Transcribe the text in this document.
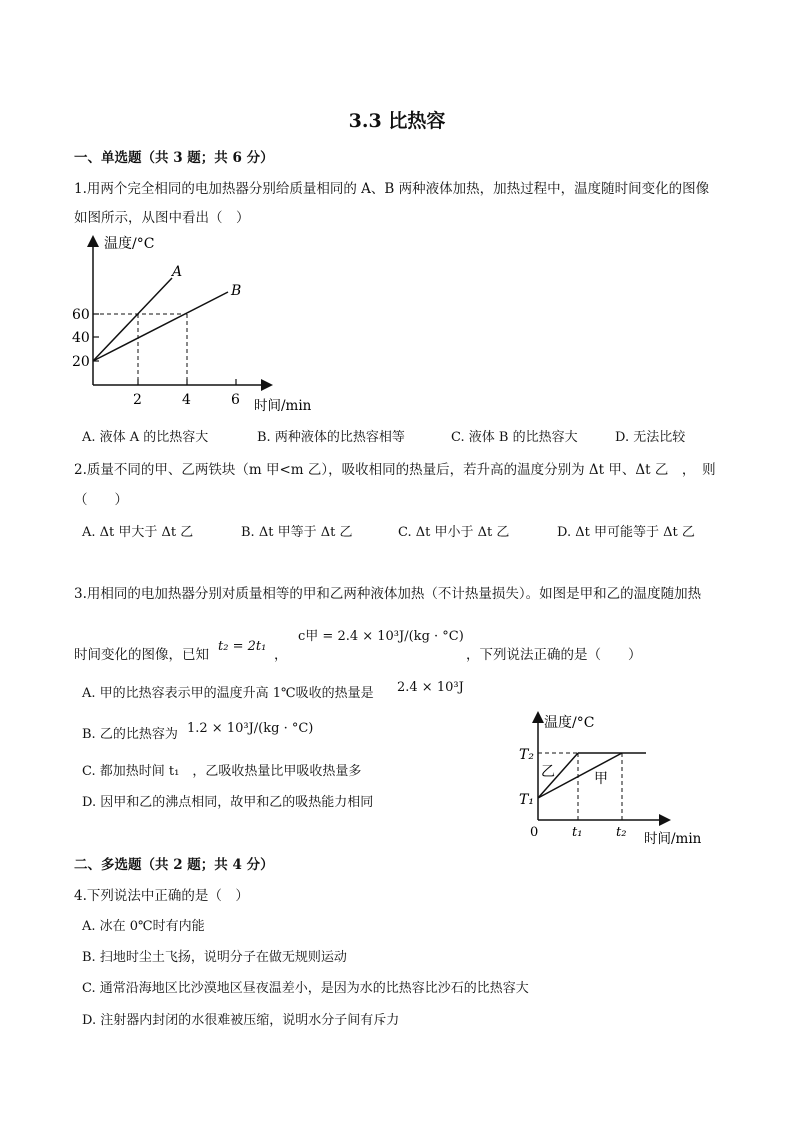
3.3 比热容
一、单选题（共 3 题；共 6 分）
1.用两个完全相同的电加热器分别给质量相同的 A、B 两种液体加热，加热过程中，温度随时间变化的图像
如图所示，从图中看出（　）
温度/°C
时间/min
A
B
20
40
60
2	4	6
A. 液体 A 的比热容大	B. 两种液体的比热容相等	C. 液体 B 的比热容大	D. 无法比较
2.质量不同的甲、乙两铁块（m 甲<m 乙），吸收相同的热量后，若升高的温度分别为 Δt 甲、Δt 乙　，　则
（　　）
A. Δt 甲大于 Δt 乙	B. Δt 甲等于 Δt 乙	C. Δt 甲小于 Δt 乙	D. Δt 甲可能等于 Δt 乙
3.用相同的电加热器分别对质量相等的甲和乙两种液体加热（不计热量损失）。如图是甲和乙的温度随加热
时间变化的图像，已知
t₂ = 2t₁
，
c甲 = 2.4 × 10³J/(kg · °C)
，下列说法正确的是（　　）
A. 甲的比热容表示甲的温度升高 1℃吸收的热量是 2.4 × 10³J
B. 乙的比热容为 1.2 × 10³J/(kg · °C)
C. 都加热时间 t₁　，乙吸收热量比甲吸收热量多
D. 因甲和乙的沸点相同，故甲和乙的吸热能力相同
温度/°C
时间/min
T₂
T₁
0	t₁	t₂
乙	甲
二、多选题（共 2 题；共 4 分）
4.下列说法中正确的是（　）
A. 冰在 0℃时有内能
B. 扫地时尘土飞扬，说明分子在做无规则运动
C. 通常沿海地区比沙漠地区昼夜温差小，是因为水的比热容比沙石的比热容大
D. 注射器内封闭的水很难被压缩，说明水分子间有斥力
